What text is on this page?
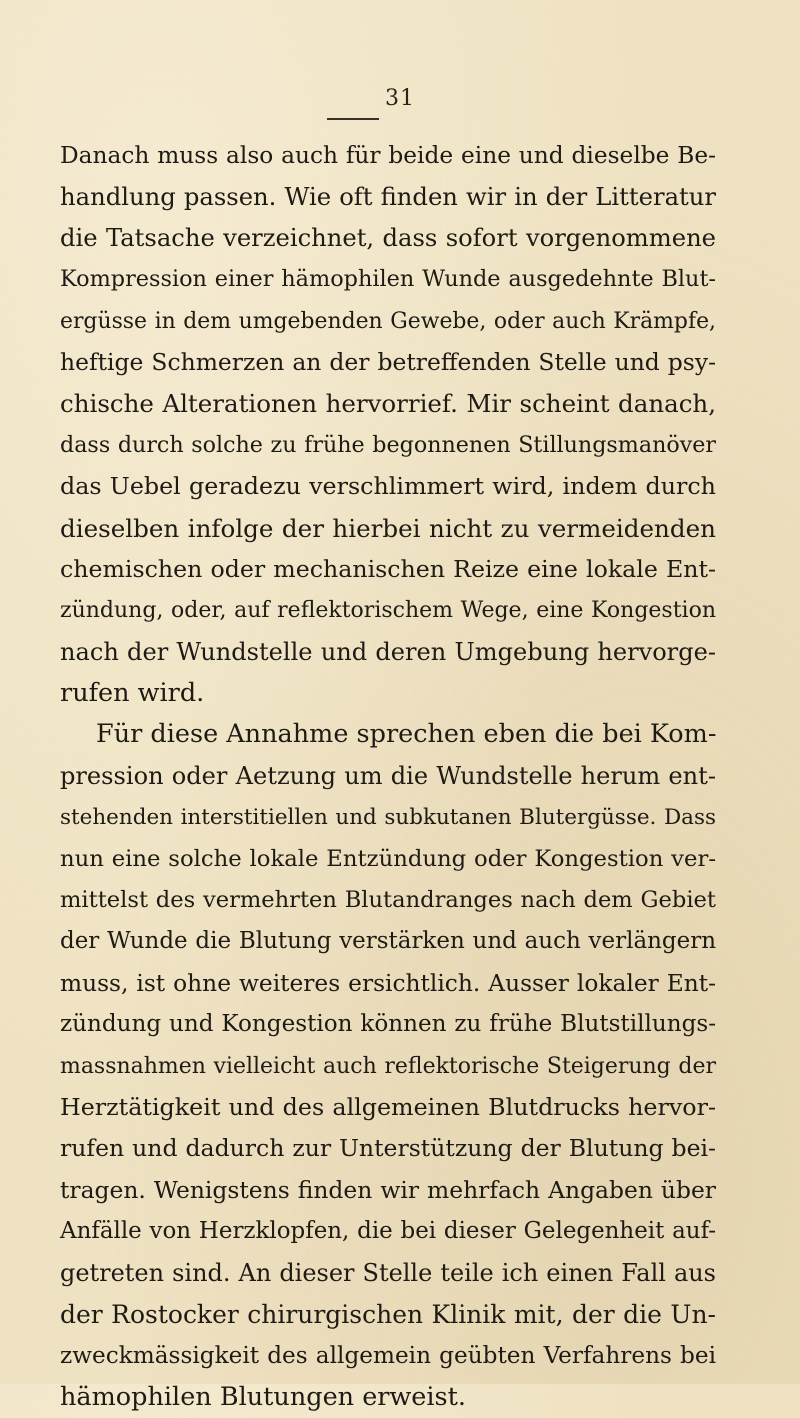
31
Danach muss also auch für beide eine und dieselbe Be-
handlung passen. Wie oft finden wir in der Litteratur
die Tatsache verzeichnet, dass sofort vorgenommene
Kompression einer hämophilen Wunde ausgedehnte Blut-
ergüsse in dem umgebenden Gewebe, oder auch Krämpfe,
heftige Schmerzen an der betreffenden Stelle und psy-
chische Alterationen hervorrief. Mir scheint danach,
dass durch solche zu frühe begonnenen Stillungsmanöver
das Uebel geradezu verschlimmert wird, indem durch
dieselben infolge der hierbei nicht zu vermeidenden
chemischen oder mechanischen Reize eine lokale Ent-
zündung, oder, auf reflektorischem Wege, eine Kongestion
nach der Wundstelle und deren Umgebung hervorge-
rufen wird.
Für diese Annahme sprechen eben die bei Kom-
pression oder Aetzung um die Wundstelle herum ent-
stehenden interstitiellen und subkutanen Blutergüsse. Dass
nun eine solche lokale Entzündung oder Kongestion ver-
mittelst des vermehrten Blutandranges nach dem Gebiet
der Wunde die Blutung verstärken und auch verlängern
muss, ist ohne weiteres ersichtlich. Ausser lokaler Ent-
zündung und Kongestion können zu frühe Blutstillungs-
massnahmen vielleicht auch reflektorische Steigerung der
Herztätigkeit und des allgemeinen Blutdrucks hervor-
rufen und dadurch zur Unterstützung der Blutung bei-
tragen. Wenigstens finden wir mehrfach Angaben über
Anfälle von Herzklopfen, die bei dieser Gelegenheit auf-
getreten sind. An dieser Stelle teile ich einen Fall aus
der Rostocker chirurgischen Klinik mit, der die Un-
zweckmässigkeit des allgemein geübten Verfahrens bei
hämophilen Blutungen erweist.
